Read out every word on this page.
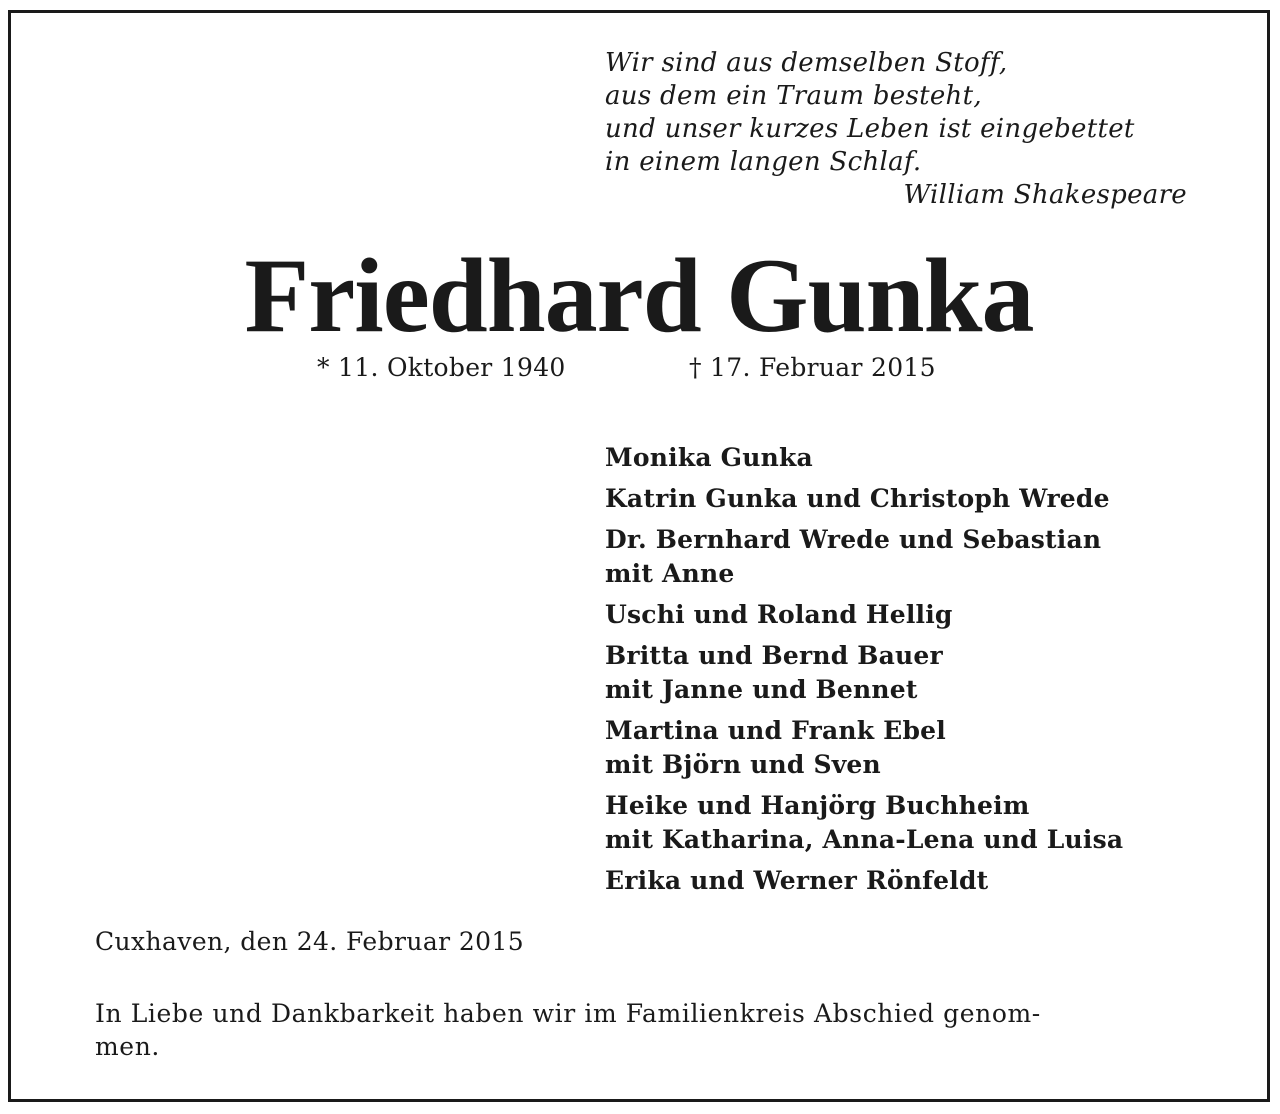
Wir sind aus demselben Stoff,
aus dem ein Traum besteht,
und unser kurzes Leben ist eingebettet
in einem langen Schlaf.
William Shakespeare
Friedhard Gunka
* 11. Oktober 1940	† 17. Februar 2015
Monika Gunka
Katrin Gunka und Christoph Wrede
Dr. Bernhard Wrede und Sebastian
mit Anne
Uschi und Roland Hellig
Britta und Bernd Bauer
mit Janne und Bennet
Martina und Frank Ebel
mit Björn und Sven
Heike und Hanjörg Buchheim
mit Katharina, Anna-Lena und Luisa
Erika und Werner Rönfeldt
Cuxhaven, den 24. Februar 2015
In Liebe und Dankbarkeit haben wir im Familienkreis Abschied genom-
men.
